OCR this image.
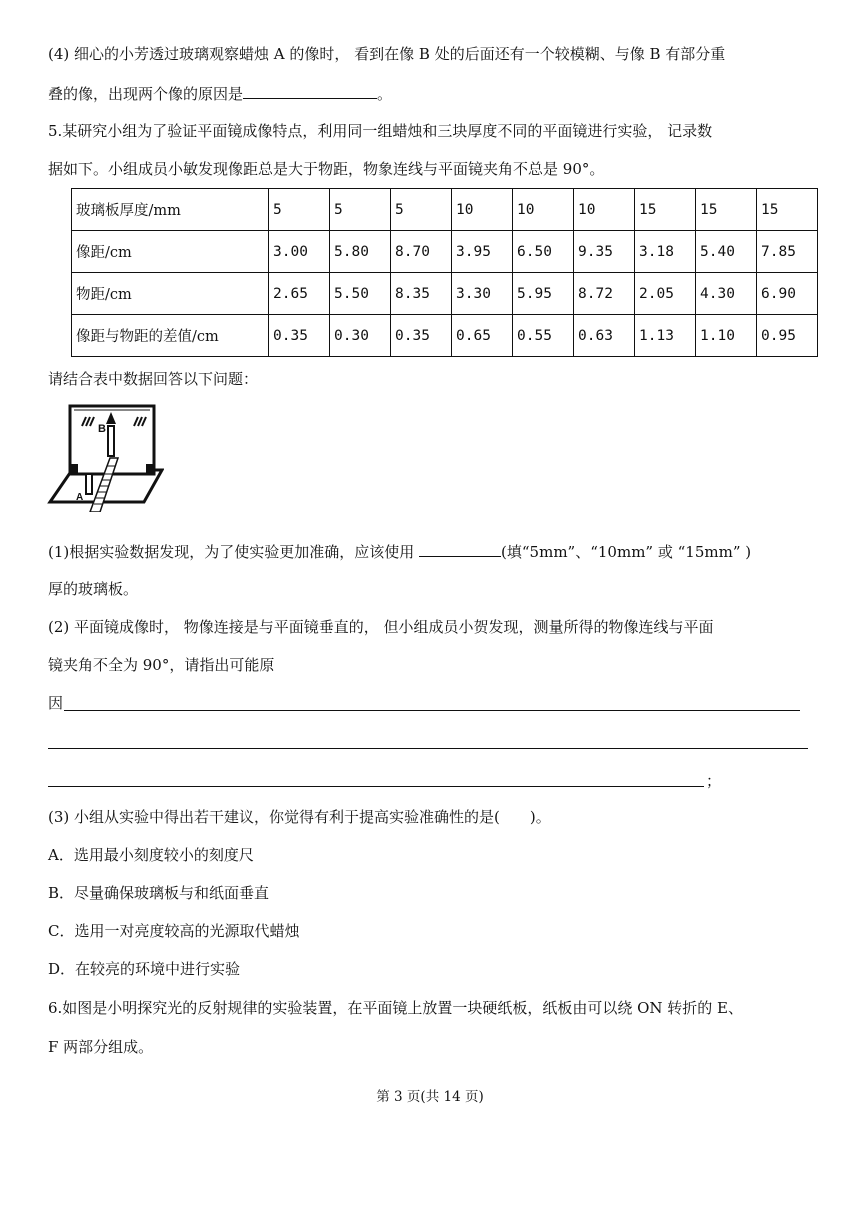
(4) 细心的小芳透过玻璃观察蜡烛 A 的像时， 看到在像 B 处的后面还有一个较模糊、与像 B 有部分重
叠的像，出现两个像的原因是	。
5.某研究小组为了验证平面镜成像特点，利用同一组蜡烛和三块厚度不同的平面镜进行实验， 记录数
据如下。小组成员小敏发现像距总是大于物距，物象连线与平面镜夹角不总是 90°。
玻璃板厚度/mm	5	5	5	10	10	10	15	15	15
像距/cm	3.00	5.80	8.70	3.95	6.50	9.35	3.18	5.40	7.85
物距/cm	2.65	5.50	8.35	3.30	5.95	8.72	2.05	4.30	6.90
像距与物距的差值/cm	0.35	0.30	0.35	0.65	0.55	0.63	1.13	1.10	0.95
请结合表中数据回答以下问题：
B
A
(1)根据实验数据发现，为了使实验更加准确，应该使用	(填“5mm”、“10mm” 或 “15mm” )
厚的玻璃板。
(2) 平面镜成像时， 物像连接是与平面镜垂直的， 但小组成员小贺发现，测量所得的物像连线与平面
镜夹角不全为 90°，请指出可能原
因
；
(3) 小组从实验中得出若干建议，你觉得有利于提高实验准确性的是(　　)。
A．选用最小刻度较小的刻度尺
B．尽量确保玻璃板与和纸面垂直
C．选用一对亮度较高的光源取代蜡烛
D．在较亮的环境中进行实验
6.如图是小明探究光的反射规律的实验装置，在平面镜上放置一块硬纸板，纸板由可以绕 ON 转折的 E、
F 两部分组成。
第 3 页(共 14 页)
